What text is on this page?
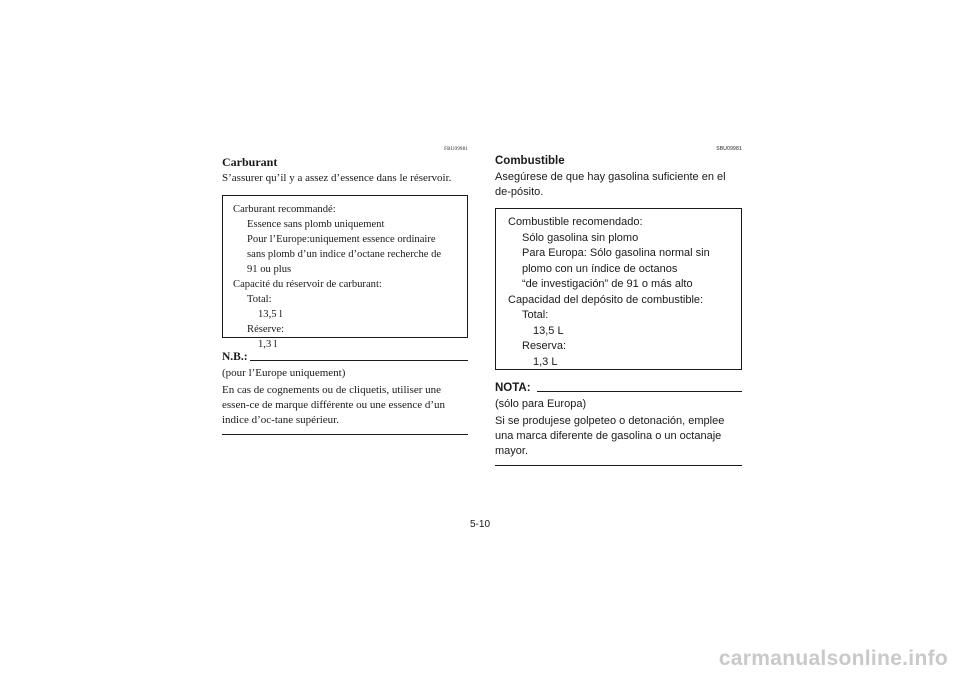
FBU09981
Carburant

S’assurer qu’il y a assez d’essence dans le réservoir.

Carburant recommandé:
Essence sans plomb uniquement
Pour l’Europe:uniquement essence ordinaire
sans plomb d’un indice d’octane recherche de
91 ou plus
Capacité du réservoir de carburant:
Total:
13,5 l
Réserve:
1,3 l
N.B.:

(pour l’Europe uniquement)

En cas de cognements ou de cliquetis, utiliser une essen-ce de marque différente ou une essence d’un indice d’oc-tane supérieur.

SBU09981
Combustible

Asegúrese de que hay gasolina suficiente en el de-pósito.

Combustible recomendado:
Sólo gasolina sin plomo
Para Europa: Sólo gasolina normal sin
plomo con un índice de octanos
“de investigación” de 91 o más alto
Capacidad del depósito de combustible:
Total:
13,5 L
Reserva:
1,3 L
NOTA:

(sólo para Europa)

Si se produjese golpeteo o detonación, emplee una marca diferente de gasolina o un octanaje mayor.

5-10
carmanualsonline.info
